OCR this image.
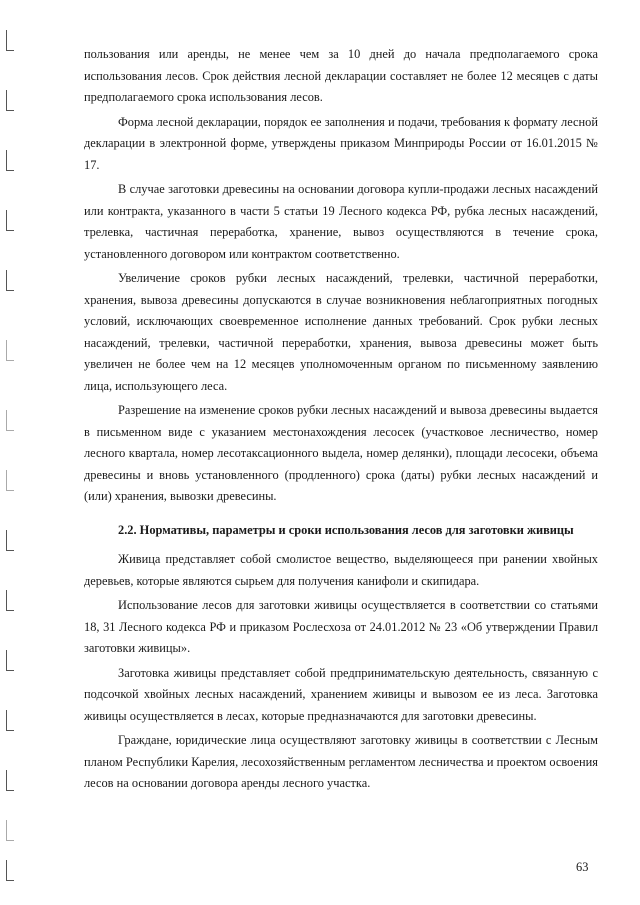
пользования или аренды, не менее чем за 10 дней до начала предполагаемого срока использования лесов. Срок действия лесной декларации составляет не более 12 месяцев с даты предполагаемого срока использования лесов.

Форма лесной декларации, порядок ее заполнения и подачи, требования к формату лесной декларации в электронной форме, утверждены приказом Минприроды России от 16.01.2015 № 17.

В случае заготовки древесины на основании договора купли-продажи лесных насаждений или контракта, указанного в части 5 статьи 19 Лесного кодекса РФ, рубка лесных насаждений, трелевка, частичная переработка, хранение, вывоз осуществляются в течение срока, установленного договором или контрактом соответственно.

Увеличение сроков рубки лесных насаждений, трелевки, частичной переработки, хранения, вывоза древесины допускаются в случае возникновения неблагоприятных погодных условий, исключающих своевременное исполнение данных требований. Срок рубки лесных насаждений, трелевки, частичной переработки, хранения, вывоза древесины может быть увеличен не более чем на 12 месяцев уполномоченным органом по письменному заявлению лица, использующего леса.

Разрешение на изменение сроков рубки лесных насаждений и вывоза древесины выдается в письменном виде с указанием местонахождения лесосек (участковое лесничество, номер лесного квартала, номер лесотаксационного выдела, номер делянки), площади лесосеки, объема древесины и вновь установленного (продленного) срока (даты) рубки лесных насаждений и (или) хранения, вывозки древесины.

2.2. Нормативы, параметры и сроки использования лесов для заготовки живицы

Живица представляет собой смолистое вещество, выделяющееся при ранении хвойных деревьев, которые являются сырьем для получения канифоли и скипидара.

Использование лесов для заготовки живицы осуществляется в соответствии со статьями 18, 31 Лесного кодекса РФ и приказом Рослесхоза от 24.01.2012 № 23 «Об утверждении Правил заготовки живицы».

Заготовка живицы представляет собой предпринимательскую деятельность, связанную с подсочкой хвойных лесных насаждений, хранением живицы и вывозом ее из леса. Заготовка живицы осуществляется в лесах, которые предназначаются для заготовки древесины.

Граждане, юридические лица осуществляют заготовку живицы в соответствии с Лесным планом Республики Карелия, лесохозяйственным регламентом лесничества и проектом освоения лесов на основании договора аренды лесного участка.

63
